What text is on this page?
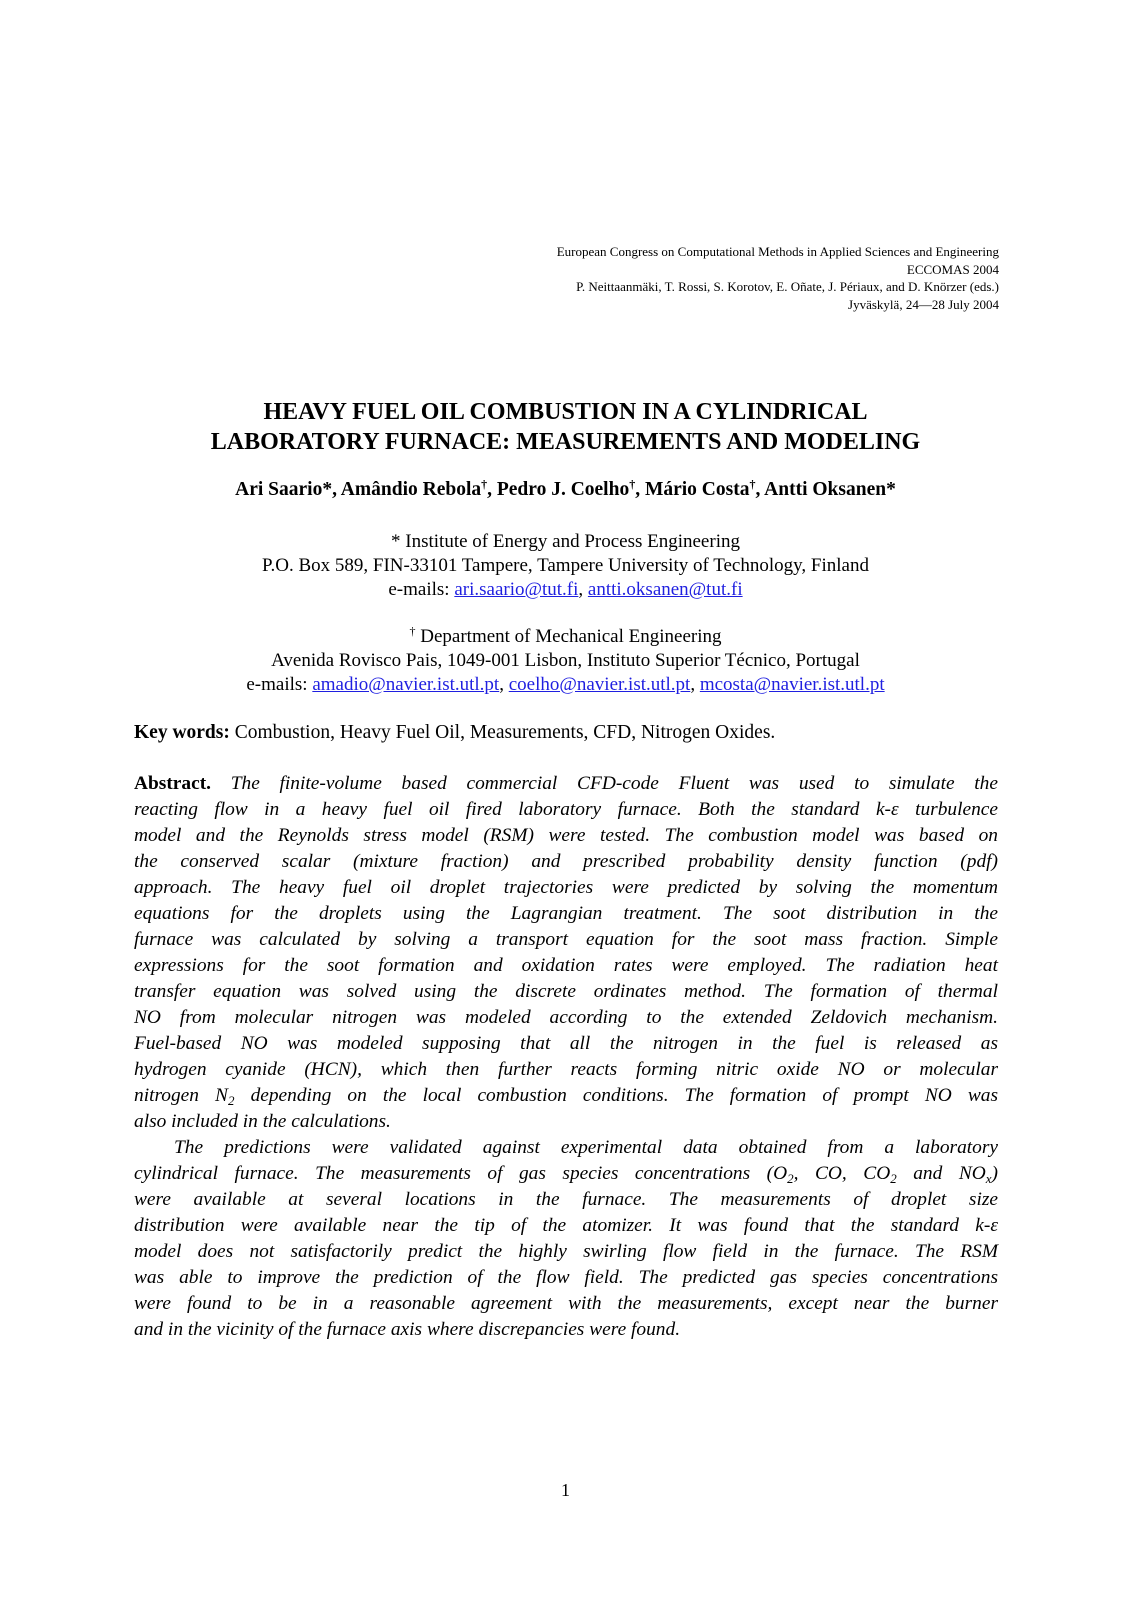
European Congress on Computational Methods in Applied Sciences and Engineering
ECCOMAS 2004
P. Neittaanmäki, T. Rossi, S. Korotov, E. Oñate, J. Périaux, and D. Knörzer (eds.)
Jyväskylä, 24—28 July 2004
HEAVY FUEL OIL COMBUSTION IN A CYLINDRICAL
LABORATORY FURNACE: MEASUREMENTS AND MODELING
Ari Saario*, Amândio Rebola†, Pedro J. Coelho†, Mário Costa†, Antti Oksanen*
* Institute of Energy and Process Engineering
P.O. Box 589, FIN-33101 Tampere, Tampere University of Technology, Finland
e-mails: ari.saario@tut.fi, antti.oksanen@tut.fi
† Department of Mechanical Engineering
Avenida Rovisco Pais, 1049-001 Lisbon, Instituto Superior Técnico, Portugal
e-mails: amadio@navier.ist.utl.pt, coelho@navier.ist.utl.pt, mcosta@navier.ist.utl.pt
Key words: Combustion, Heavy Fuel Oil, Measurements, CFD, Nitrogen Oxides.
Abstract. The finite-volume based commercial CFD-code Fluent was used to simulate the
reacting flow in a heavy fuel oil fired laboratory furnace. Both the standard k-ε turbulence
model and the Reynolds stress model (RSM) were tested. The combustion model was based on
the conserved scalar (mixture fraction) and prescribed probability density function (pdf)
approach. The heavy fuel oil droplet trajectories were predicted by solving the momentum
equations for the droplets using the Lagrangian treatment. The soot distribution in the
furnace was calculated by solving a transport equation for the soot mass fraction. Simple
expressions for the soot formation and oxidation rates were employed. The radiation heat
transfer equation was solved using the discrete ordinates method. The formation of thermal
NO from molecular nitrogen was modeled according to the extended Zeldovich mechanism.
Fuel-based NO was modeled supposing that all the nitrogen in the fuel is released as
hydrogen cyanide (HCN), which then further reacts forming nitric oxide NO or molecular
nitrogen $N_2$ depending on the local combustion conditions. The formation of prompt NO was
also included in the calculations.
The predictions were validated against experimental data obtained from a laboratory
cylindrical furnace. The measurements of gas species concentrations ($O_2$, CO, $CO_2$ and $NO_x$)
were available at several locations in the furnace. The measurements of droplet size
distribution were available near the tip of the atomizer. It was found that the standard k-ε
model does not satisfactorily predict the highly swirling flow field in the furnace. The RSM
was able to improve the prediction of the flow field. The predicted gas species concentrations
were found to be in a reasonable agreement with the measurements, except near the burner
and in the vicinity of the furnace axis where discrepancies were found.
1
